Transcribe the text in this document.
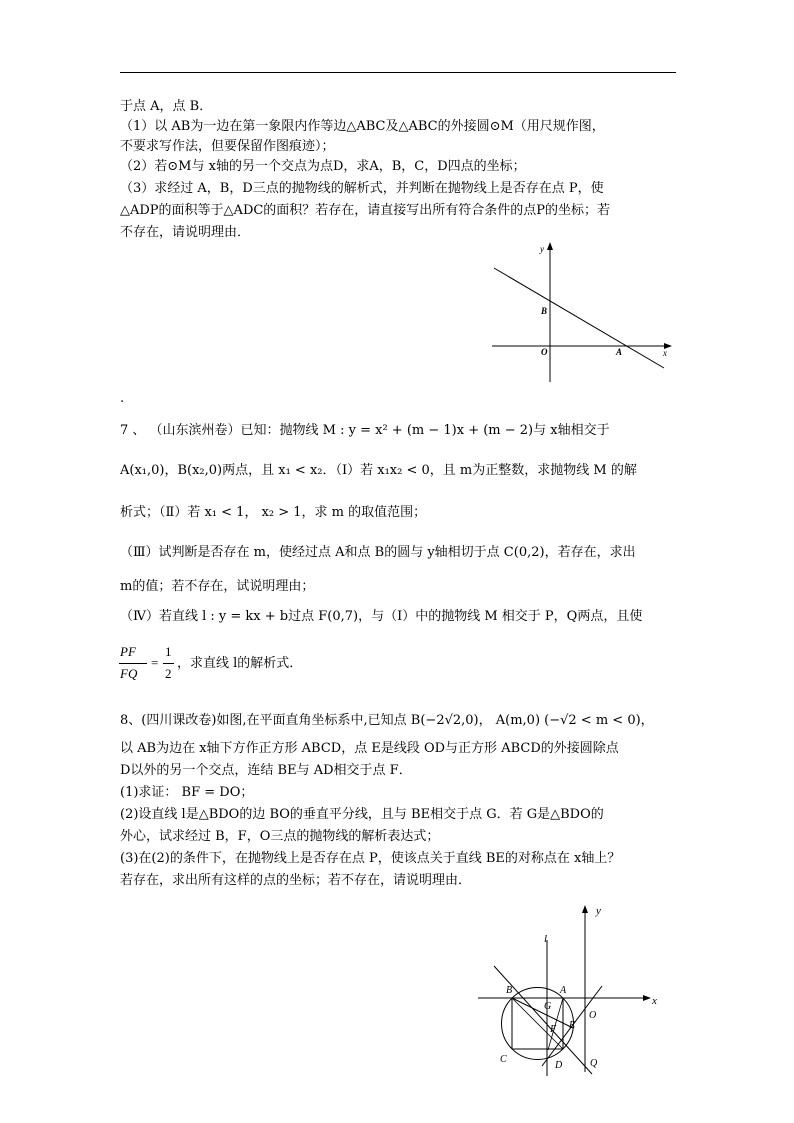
于点 A，点 B．
（1）以 AB为一边在第一象限内作等边△ABC及△ABC的外接圆⊙M（用尺规作图，
不要求写作法，但要保留作图痕迹）；
（2）若⊙M与 x轴的另一个交点为点D，求A，B，C，D四点的坐标；
（3）求经过 A，B，D三点的抛物线的解析式，并判断在抛物线上是否存在点 P，使
△ADP的面积等于△ADC的面积？若存在，请直接写出所有符合条件的点P的坐标；若
不存在，请说明理由．
y
x
B
O	A
.
7 、 （山东滨州卷）已知：抛物线 M : y = x² + (m − 1)x + (m − 2)与 x轴相交于
A(x₁,0)，B(x₂,0)两点，且 x₁ < x₂．（Ⅰ）若 x₁x₂ < 0，且 m为正整数，求抛物线 M 的解
析式；（Ⅱ）若 x₁ < 1， x₂ > 1，求 m 的取值范围；
（Ⅲ）试判断是否存在 m，使经过点 A和点 B的圆与 y轴相切于点 C(0,2)，若存在，求出
m的值；若不存在，试说明理由；
（Ⅳ）若直线 l : y = kx + b过点 F(0,7)，与（Ⅰ）中的抛物线 M 相交于 P，Q两点，且使
PF
FQ
=
1
2
，求直线 l的解析式．
8、(四川课改卷)如图,在平面直角坐标系中,已知点 B(−2√2,0)， A(m,0) (−√2 < m < 0)，
以 AB为边在 x轴下方作正方形 ABCD，点 E是线段 OD与正方形 ABCD的外接圆除点
D以外的另一个交点，连结 BE与 AD相交于点 F．
(1)求证： BF = DO；
(2)设直线 l是△BDO的边 BO的垂直平分线，且与 BE相交于点 G．若 G是△BDO的
外心，试求经过 B，F，O三点的抛物线的解析表达式；
(3)在(2)的条件下，在抛物线上是否存在点 P，使该点关于直线 BE的对称点在 x轴上？
若存在，求出所有这样的点的坐标；若不存在，请说明理由．
y
x
l
B
G
A
O
F E
C
D	Q
